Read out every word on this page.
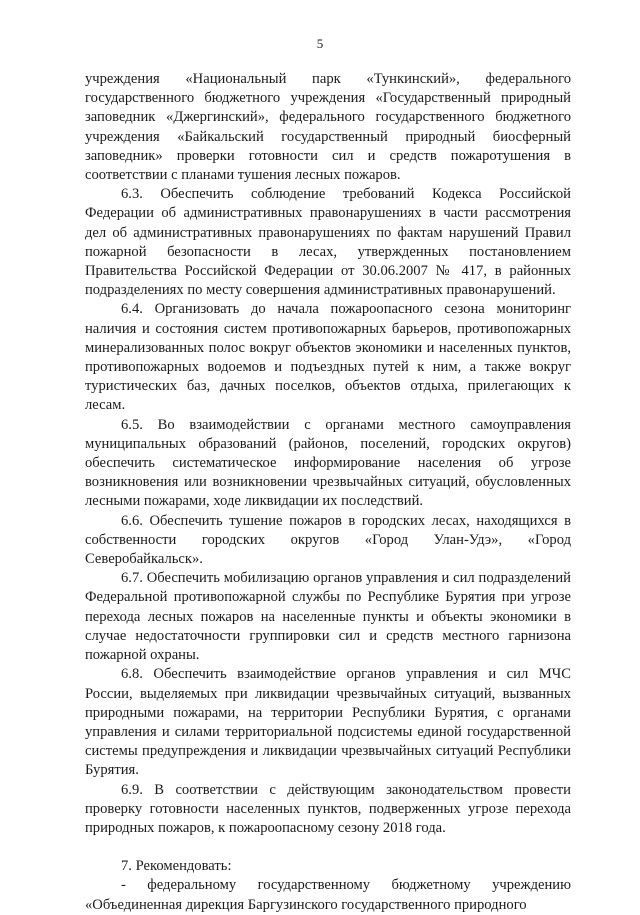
5

учреждения «Национальный парк «Тункинский», федерального государственного бюджетного учреждения «Государственный природный заповедник «Джергинский», федерального государственного бюджетного учреждения «Байкальский государственный природный биосферный заповедник» проверки готовности сил и средств пожаротушения в соответствии с планами тушения лесных пожаров.

6.3. Обеспечить соблюдение требований Кодекса Российской Федерации об административных правонарушениях в части рассмотрения дел об административных правонарушениях по фактам нарушений Правил пожарной безопасности в лесах, утвержденных постановлением Правительства Российской Федерации от 30.06.2007 № 417, в районных подразделениях по месту совершения административных правонарушений.

6.4. Организовать до начала пожароопасного сезона мониторинг наличия и состояния систем противопожарных барьеров, противопожарных минерализованных полос вокруг объектов экономики и населенных пунктов, противопожарных водоемов и подъездных путей к ним, а также вокруг туристических баз, дачных поселков, объектов отдыха, прилегающих к лесам.

6.5. Во взаимодействии с органами местного самоуправления муниципальных образований (районов, поселений, городских округов) обеспечить систематическое информирование населения об угрозе возникновения или возникновении чрезвычайных ситуаций, обусловленных лесными пожарами, ходе ликвидации их последствий.

6.6. Обеспечить тушение пожаров в городских лесах, находящихся в собственности городских округов «Город Улан-Удэ», «Город Северобайкальск».

6.7. Обеспечить мобилизацию органов управления и сил подразделений Федеральной противопожарной службы по Республике Бурятия при угрозе перехода лесных пожаров на населенные пункты и объекты экономики в случае недостаточности группировки сил и средств местного гарнизона пожарной охраны.

6.8. Обеспечить взаимодействие органов управления и сил МЧС России, выделяемых при ликвидации чрезвычайных ситуаций, вызванных природными пожарами, на территории Республики Бурятия, с органами управления и силами территориальной подсистемы единой государственной системы предупреждения и ликвидации чрезвычайных ситуаций Республики Бурятия.

6.9. В соответствии с действующим законодательством провести проверку готовности населенных пунктов, подверженных угрозе перехода природных пожаров, к пожароопасному сезону 2018 года.

7. Рекомендовать:

- федеральному государственному бюджетному учреждению «Объединенная дирекция Баргузинского государственного природного
